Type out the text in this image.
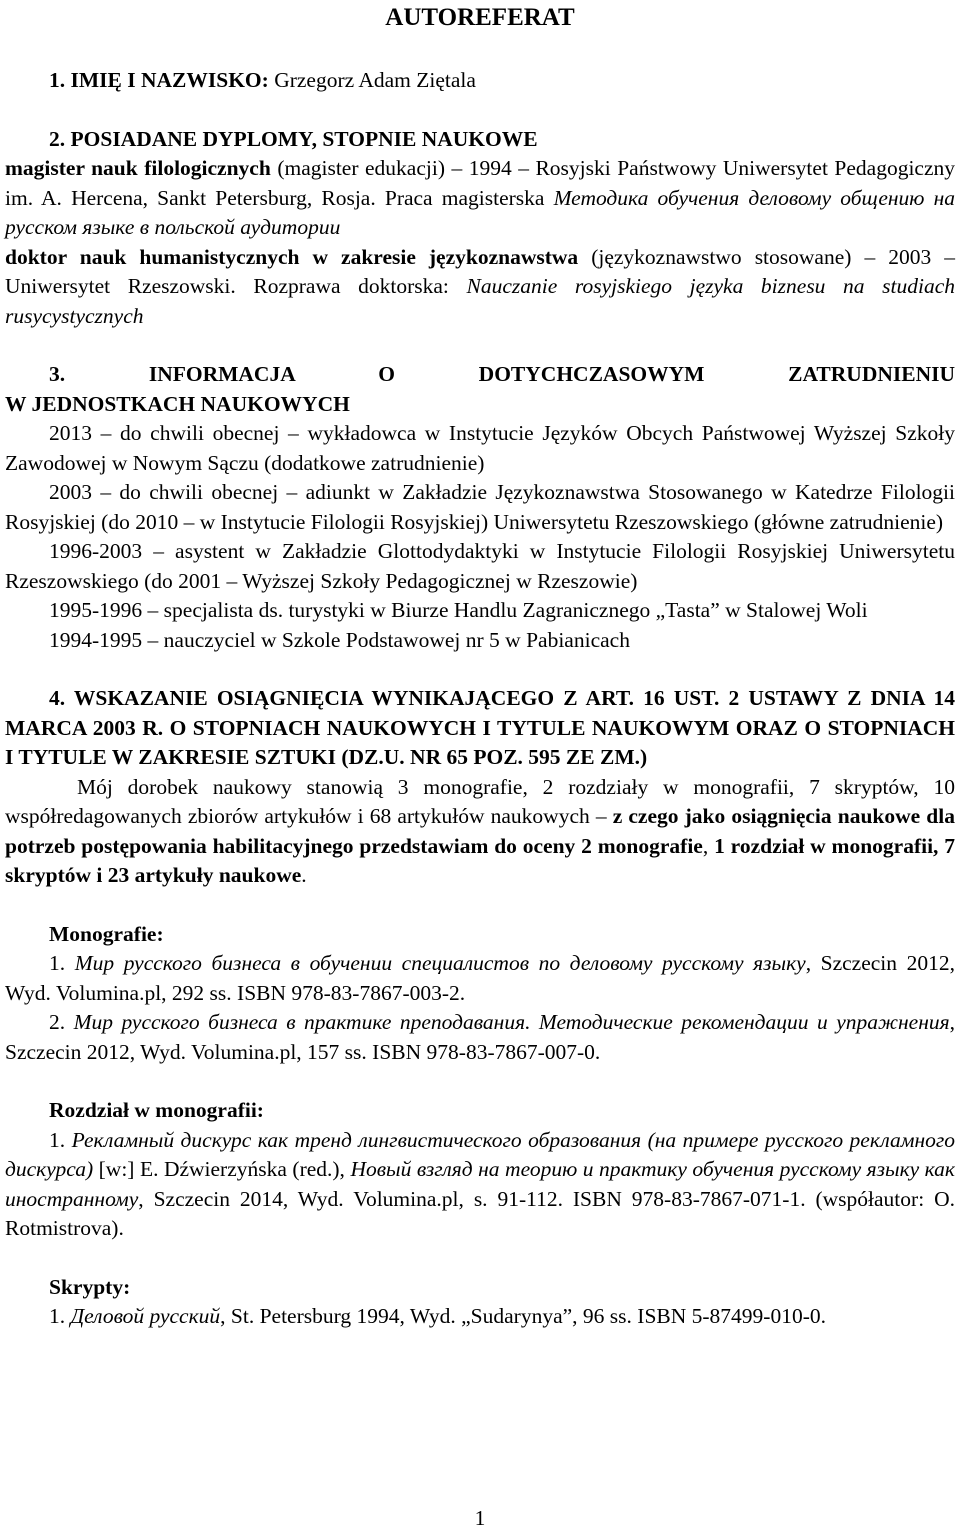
AUTOREFERAT

1. IMIĘ I NAZWISKO: Grzegorz Adam Ziętala

2. POSIADANE DYPLOMY, STOPNIE NAUKOWE

magister nauk filologicznych (magister edukacji) – 1994 – Rosyjski Państwowy Uniwersytet Pedagogiczny im. A. Hercena, Sankt Petersburg, Rosja. Praca magisterska Методика обучения деловому общению на русском языке в польской аудитории

doktor nauk humanistycznych w zakresie językoznawstwa (językoznawstwo stosowane) – 2003 – Uniwersytet Rzeszowski. Rozprawa doktorska: Nauczanie rosyjskiego języka biznesu na studiach rusycystycznych

3. INFORMACJA O DOTYCHCZASOWYM ZATRUDNIENIU

W JEDNOSTKACH NAUKOWYCH

2013 – do chwili obecnej – wykładowca w Instytucie Języków Obcych Państwowej Wyższej Szkoły Zawodowej w Nowym Sączu (dodatkowe zatrudnienie)

2003 – do chwili obecnej – adiunkt w Zakładzie Językoznawstwa Stosowanego w Katedrze Filologii Rosyjskiej (do 2010 – w Instytucie Filologii Rosyjskiej) Uniwersytetu Rzeszowskiego (główne zatrudnienie)

1996-2003 – asystent w Zakładzie Glottodydaktyki w Instytucie Filologii Rosyjskiej Uniwersytetu Rzeszowskiego (do 2001 – Wyższej Szkoły Pedagogicznej w Rzeszowie)

1995-1996 – specjalista ds. turystyki w Biurze Handlu Zagranicznego „Tasta” w Stalowej Woli

1994-1995 – nauczyciel w Szkole Podstawowej nr 5 w Pabianicach

4. WSKAZANIE OSIĄGNIĘCIA WYNIKAJĄCEGO Z ART. 16 UST. 2 USTAWY Z DNIA 14 MARCA 2003 R. O STOPNIACH NAUKOWYCH I TYTULE NAUKOWYM ORAZ O STOPNIACH I TYTULE W ZAKRESIE SZTUKI (DZ.U. NR 65 POZ. 595 ZE ZM.)

Mój dorobek naukowy stanowią 3 monografie, 2 rozdziały w monografii, 7 skryptów, 10 współredagowanych zbiorów artykułów i 68 artykułów naukowych – z czego jako osiągnięcia naukowe dla potrzeb postępowania habilitacyjnego przedstawiam do oceny 2 monografie, 1 rozdział w monografii, 7 skryptów i 23 artykuły naukowe.

Monografie:

1. Мир русского бизнеса в обучении специалистов по деловому русскому языку, Szczecin 2012, Wyd. Volumina.pl, 292 ss. ISBN 978-83-7867-003-2.

2. Мир русского бизнеса в практике преподавания. Методические рекомендации и упражнения, Szczecin 2012, Wyd. Volumina.pl, 157 ss. ISBN 978-83-7867-007-0.

Rozdział w monografii:

1. Рекламный дискурс как тренд лингвистического образования (на примере русского рекламного дискурса) [w:] E. Dźwierzyńska (red.), Новый взгляд на теорию и практику обучения русскому языку как иностранному, Szczecin 2014, Wyd. Volumina.pl, s. 91-112. ISBN 978-83-7867-071-1. (współautor: O. Rotmistrova).

Skrypty:

1. Деловой русский, St. Petersburg 1994, Wyd. „Sudarynya”, 96 ss. ISBN 5-87499-010-0.

1
